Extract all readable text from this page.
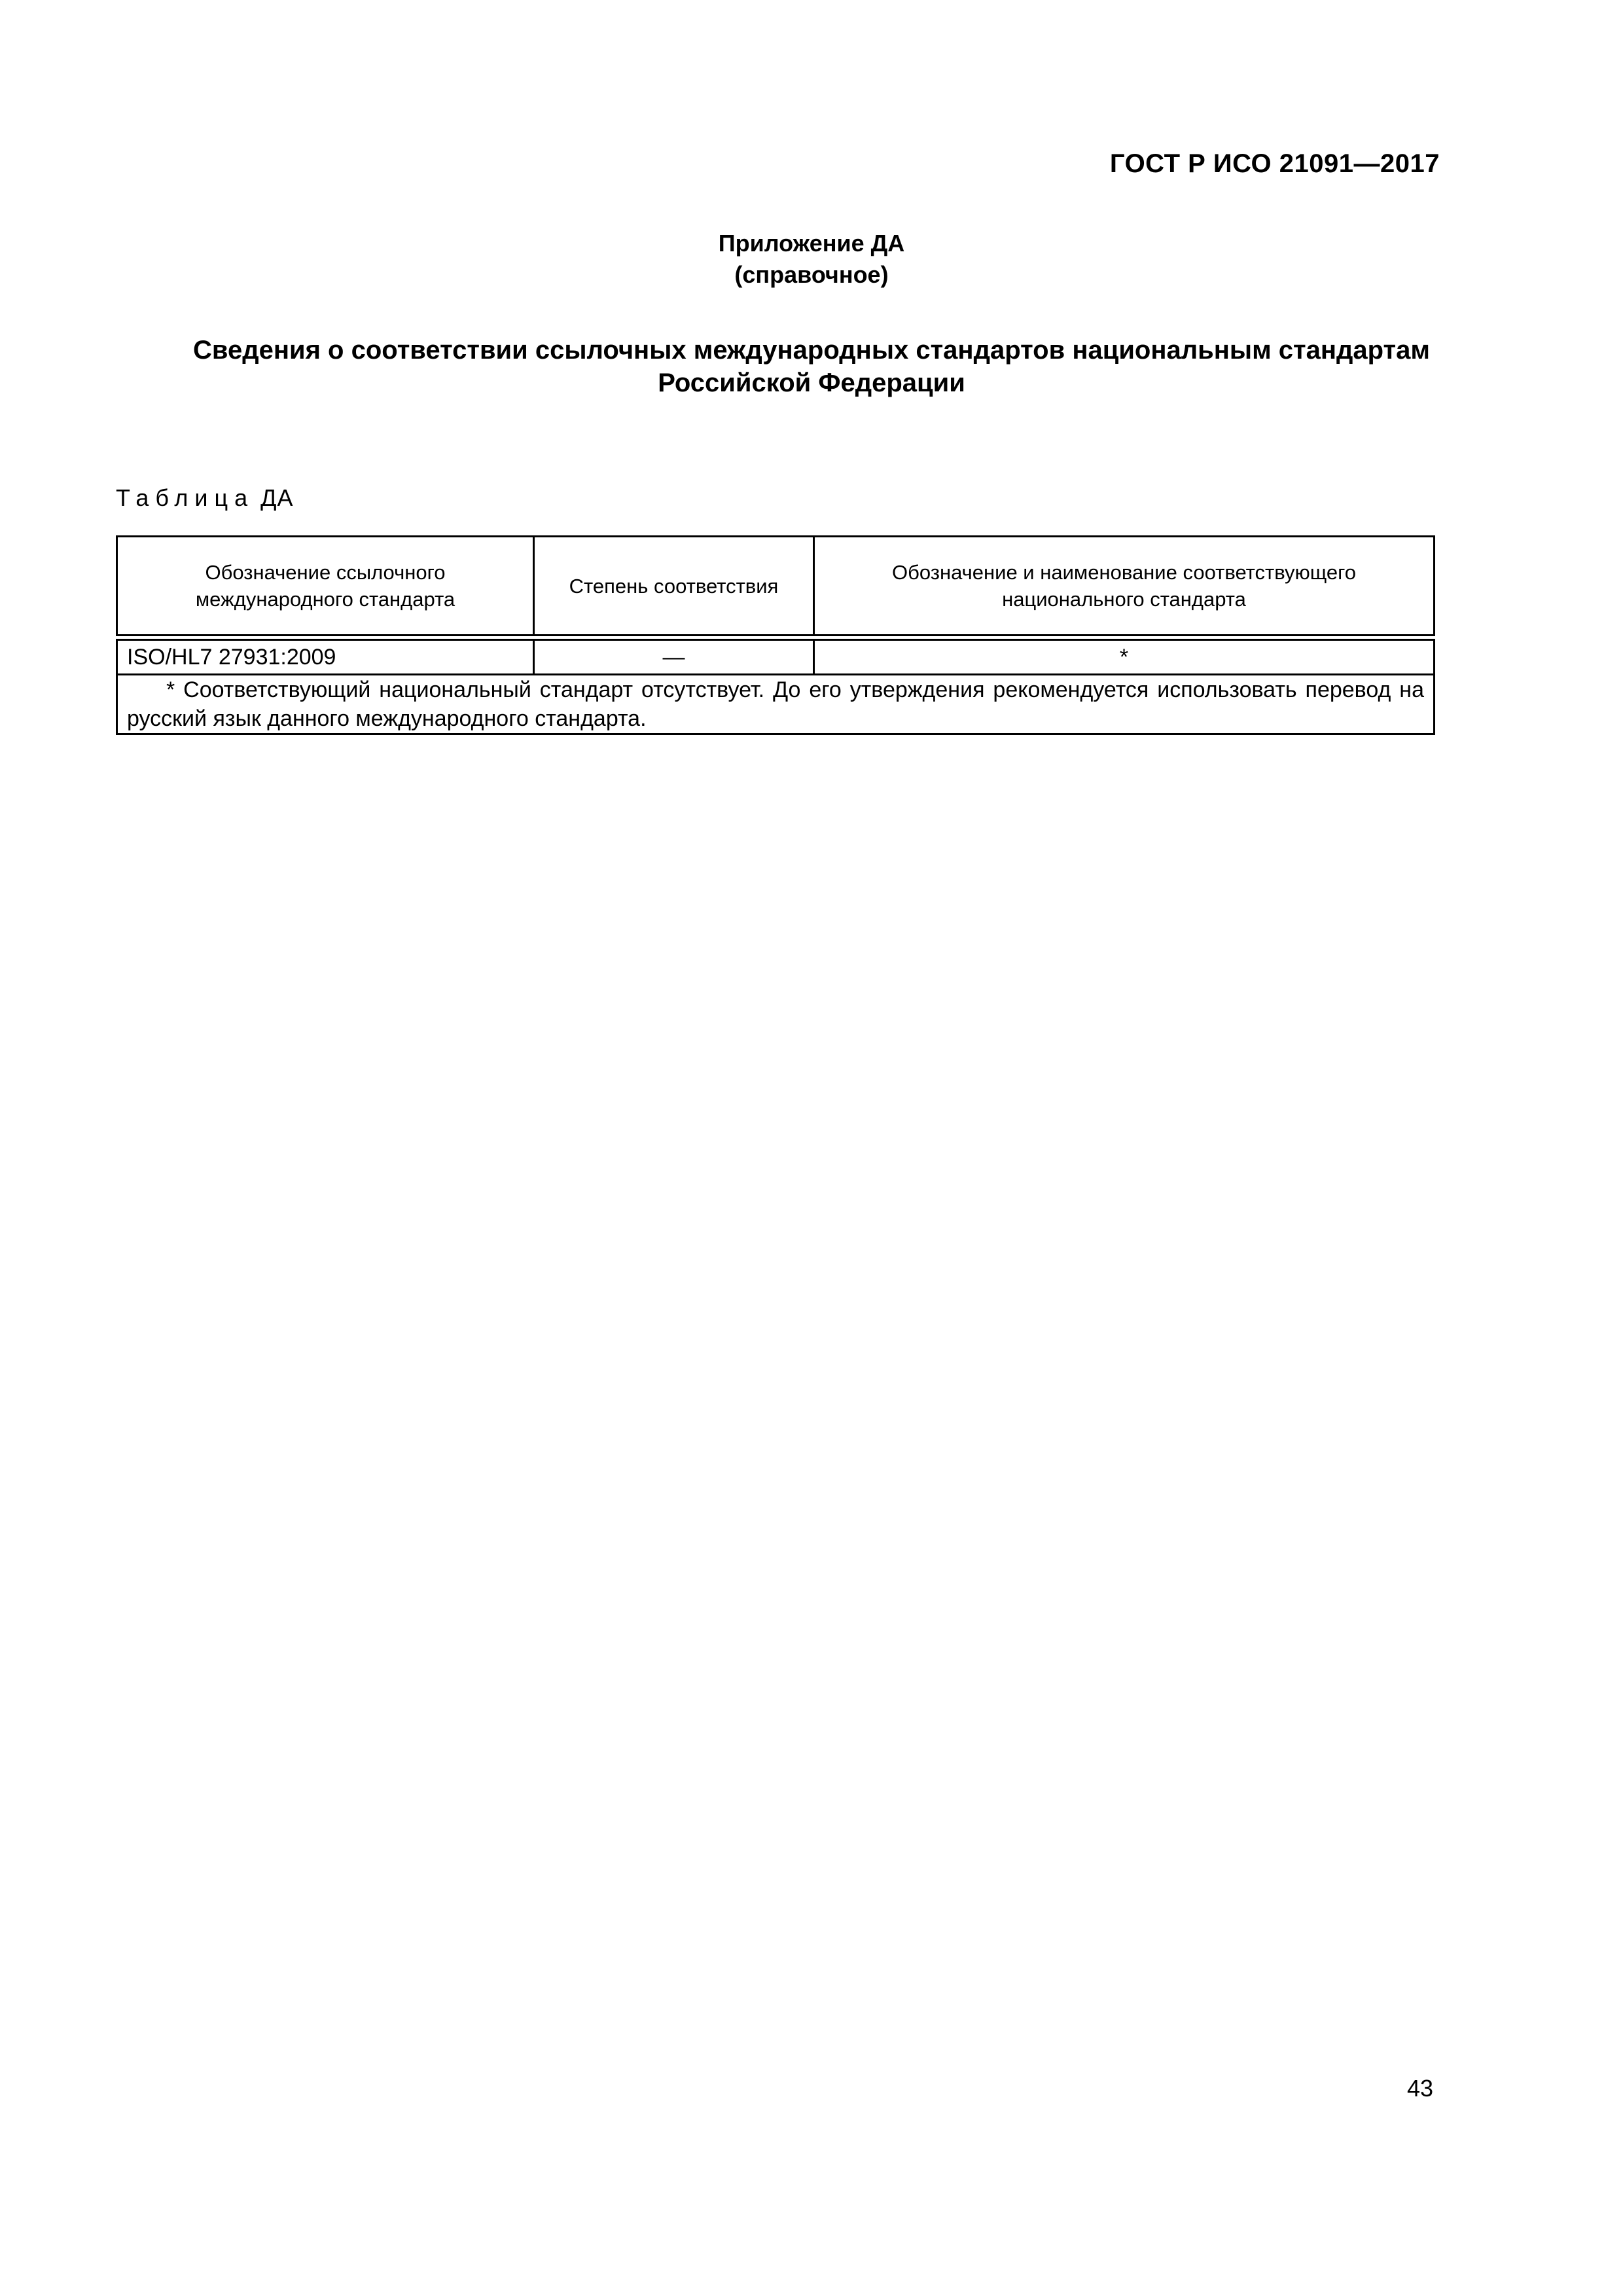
ГОСТ Р ИСО 21091—2017
Приложение ДА
(справочное)
Сведения о соответствии ссылочных международных стандартов национальным стандартам
Российской Федерации
Таблица ДА
Обозначение ссылочного международного стандарта	Степень соответствия	Обозначение и наименование соответствующего национального стандарта
ISO/HL7 27931:2009	—	*

* Соответствующий национальный стандарт отсутствует. До его утверждения рекомендуется использовать перевод на русский язык данного международного стандарта.		
43
